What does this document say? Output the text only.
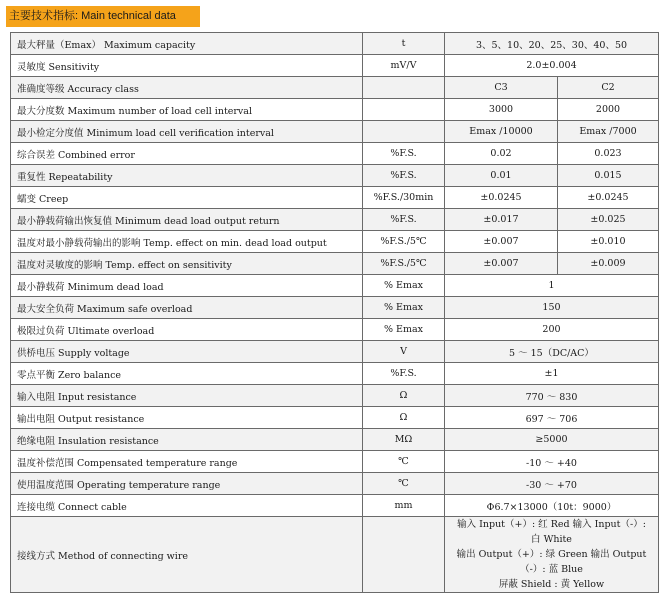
主要技术指标: Main technical data
最大秤量（Emax） Maximum capacity	t	3、5、10、20、25、30、40、50	
灵敏度 Sensitivity	mV/V	2.0±0.004	
准确度等级 Accuracy class		C3	C2
最大分度数 Maximum number of load cell interval		3000	2000
最小检定分度值 Minimum load cell verification interval		Emax /10000	Emax /7000
综合误差 Combined error	%F.S.	0.02	0.023
重复性 Repeatability	%F.S.	0.01	0.015
蠕变 Creep	%F.S./30min	±0.0245	±0.0245
最小静载荷输出恢复值 Minimum dead load output return	%F.S.	±0.017	±0.025
温度对最小静载荷输出的影响 Temp. effect on min. dead load output	%F.S./5℃	±0.007	±0.010
温度对灵敏度的影响 Temp. effect on sensitivity	%F.S./5℃	±0.007	±0.009
最小静载荷 Minimum dead load	% Emax	1	
最大安全负荷 Maximum safe overload	% Emax	150	
极限过负荷 Ultimate overload	% Emax	200	
供桥电压 Supply voltage	V	5 ～ 15（DC/AC）	
零点平衡 Zero balance	%F.S.	±1	
输入电阻 Input resistance	Ω	770 ～ 830	
输出电阻 Output resistance	Ω	697 ～ 706	
绝缘电阻 Insulation resistance	MΩ	≥5000	
温度补偿范围 Compensated temperature range	℃	-10 ～ +40	
使用温度范围 Operating temperature range	℃	-30 ～ +70	
连接电缆 Connect cable	mm	Φ6.7×13000（10t：9000）	
接线方式 Method of connecting wire		输入 Input（+）: 红 Red 输入 Input（-）: 白 White
输出 Output（+）: 绿 Green 输出 Output（-）: 蓝 Blue
屏蔽 Shield : 黄 Yellow	
